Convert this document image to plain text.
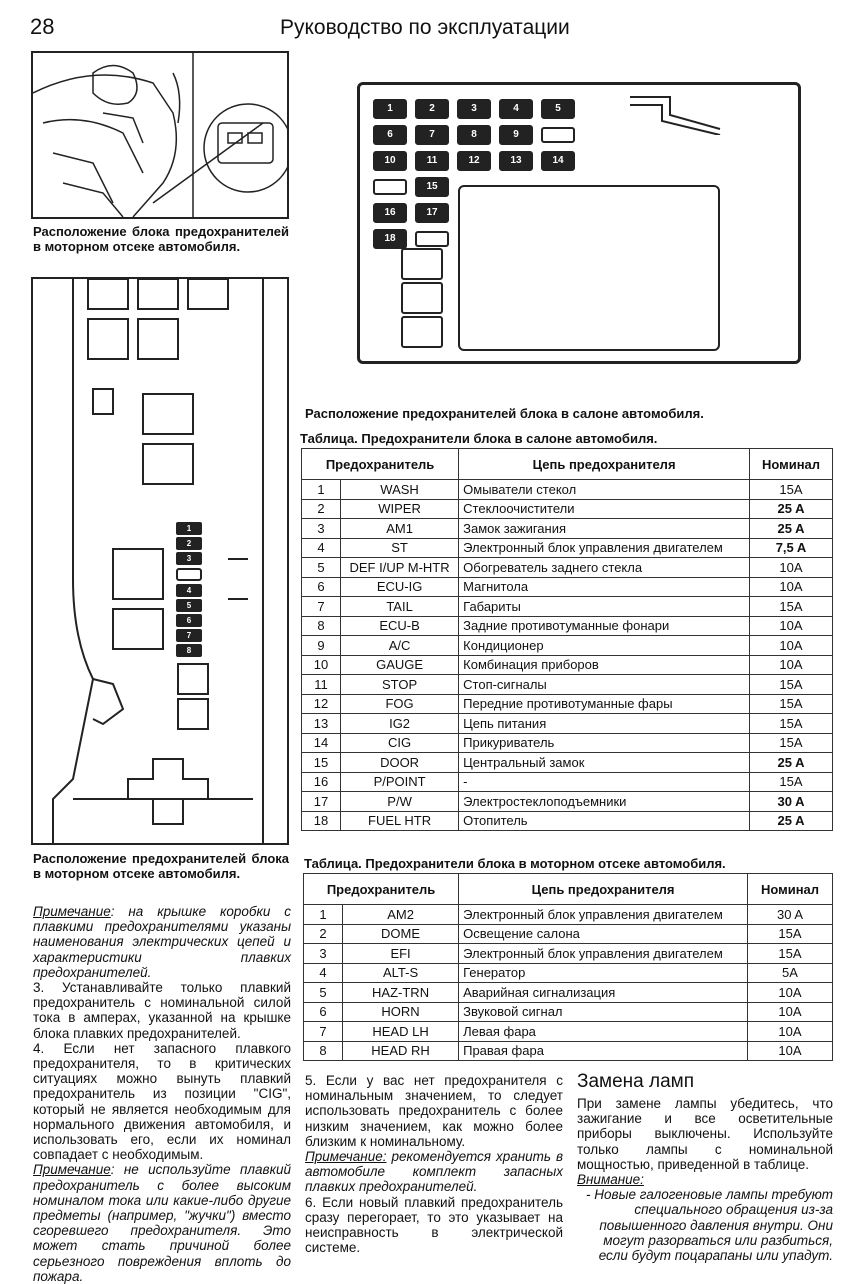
28	Руководство по эксплуатации
Расположение блока предохранителей в моторном отсеке автомобиля.
1
2
3
4
5
6
7
8
Расположение предохранителей блока в моторном отсеке автомобиля.
1	2	3	4	5
6	7	8	9
10	11	12	13	14
15
16	17
18
Расположение предохранителей блока в салоне автомобиля.
Таблица. Предохранители блока в салоне автомобиля.
Предохранитель		Цепь предохранителя	Номинал
1	WASH	Омыватели стекол	15A
2	WIPER	Стеклоочистители	25 A
3	AM1	Замок зажигания	25 A
4	ST	Электронный блок управления двигателем	7,5 A
5	DEF I/UP M-HTR	Обогреватель заднего стекла	10A
6	ECU-IG	Магнитола	10A
7	TAIL	Габариты	15A
8	ECU-B	Задние противотуманные фонари	10A
9	A/C	Кондиционер	10A
10	GAUGE	Комбинация приборов	10A
11	STOP	Стоп-сигналы	15A
12	FOG	Передние противотуманные фары	15A
13	IG2	Цепь питания	15A
14	CIG	Прикуриватель	15A
15	DOOR	Центральный замок	25 A
16	P/POINT	-	15A
17	P/W	Электростеклоподъемники	30 A
18	FUEL HTR	Отопитель	25 A
Таблица. Предохранители блока в моторном отсеке автомобиля.
Предохранитель		Цепь предохранителя	Номинал
1	AM2	Электронный блок управления двигателем	30 A
2	DOME	Освещение салона	15A
3	EFI	Электронный блок управления двигателем	15A
4	ALT-S	Генератор	5A
5	HAZ-TRN	Аварийная сигнализация	10A
6	HORN	Звуковой сигнал	10A
7	HEAD LH	Левая фара	10A
8	HEAD RH	Правая фара	10A

Примечание: на крышке коробки с плавкими предохранителями указаны наименования электрических цепей и характеристики плавких предохранителей.

3. Устанавливайте только плавкий предохранитель с номинальной силой тока в амперах, указанной на крышке блока плавких предохранителей.

4. Если нет запасного плавкого предохранителя, то в критических ситуациях можно вынуть плавкий предохранитель из позиции "CIG", который не является необходимым для нормального движения автомобиля, и использовать его, если их номинал совпадает с необходимым.

Примечание: не используйте плавкий предохранитель с более высоким номиналом тока или какие-либо другие предметы (например, "жучки") вместо сгоревшего предохранителя. Это может стать причиной более серьезного повреждения вплоть до пожара.

5. Если у вас нет предохранителя с номинальным значением, то следует использовать предохранитель с более низким значением, как можно более близким к номинальному.

Примечание: рекомендуется хранить в автомобиле комплект запасных плавких предохранителей.

6. Если новый плавкий предохранитель сразу перегорает, то это указывает на неисправность в электрической системе.

Замена ламп

При замене лампы убедитесь, что зажигание и все осветительные приборы выключены. Используйте только лампы с номинальной мощностью, приведенной в таблице.

Внимание:

- Новые галогеновые лампы требуют специального обращения из-за повышенного давления внутри. Они могут разорваться или разбиться, если будут поцарапаны или упадут.
